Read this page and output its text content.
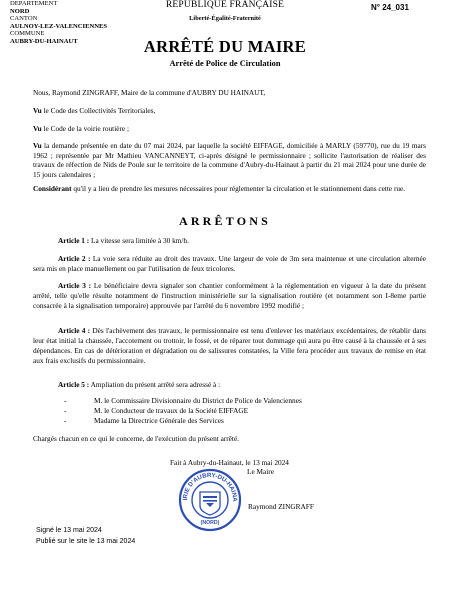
DEPARTEMENT
NORD
CANTON
AULNOY-LEZ-VALENCIENNES
COMMUNE
AUBRY-DU-HAINAUT
RÉPUBLIQUE FRANÇAISE
Liberté-Égalité-Fraternité
N° 24_031
ARRÊTÉ DU MAIRE
Arrêté de Police de Circulation
Nous, Raymond ZINGRAFF, Maire de la commune d'AUBRY DU HAINAUT,
Vu le Code des Collectivités Territoriales,
Vu le Code de la voirie routière ;
Vu la demande présentée en date du 07 mai 2024, par laquelle la société EIFFAGE, domiciliée à MARLY (59770), rue du 19 mars 1962 ; représentée par Mr Mathieu VANCANNEYT, ci-après désigné le permissionnaire ; sollicite l'autorisation de réaliser des travaux de réfection de Nids de Poule sur le territoire de la commune d'Aubry-du-Hainaut à partir du 21 mai 2024 pour une durée de 15 jours calendaires ;
Considérant qu'il y a lieu de prendre les mesures nécessaires pour réglementer la circulation et le stationnement dans cette rue.
ARRÊTONS
Article 1 : La vitesse sera limitée à 30 km/h.
Article 2 : La voie sera réduite au droit des travaux. Une largeur de voie de 3m sera maintenue et une circulation alternée sera mis en place manuellement ou par l'utilisation de feux tricolores.
Article 3 : Le bénéficiaire devra signaler son chantier conformément à la réglementation en vigueur à la date du présent arrêté, telle qu'elle résulte notamment de l'instruction ministérielle sur la signalisation routière (et notamment son I-8eme partie consacrée à la signalisation temporaire) approuvée par l'arrêté du 6 novembre 1992 modifié ;
Article 4 : Dès l'achèvement des travaux, le permissionnaire est tenu d'enlever les matériaux excédentaires, de rétablir dans leur état initial la chaussée, l'accotement ou trottoir, le fossé, et de réparer tout dommage qui aura pu être causé à la chaussée et à ses dépendances. En cas de détérioration et dégradation ou de salissures constatées, la Ville fera procéder aux travaux de remise en état aux frais exclusifs du permissionnaire.
Article 5 : Ampliation du présent arrêté sera adressé à :
-	M. le Commissaire Divisionnaire du District de Police de Valenciennes
-	M. le Conducteur de travaux de la Société EIFFAGE
-	Madame la Directrice Générale des Services
Chargés chacun en ce qui le concerne, de l'exécution du présent arrêté.
Fait à Aubry-du-Hainaut, le 13 mai 2024
Le Maire
IRIE D'AUBRY-DU-HAINA
(NORD)
Raymond ZINGRAFF
Signé le 13 mai 2024
Publié sur le site le 13 mai 2024
